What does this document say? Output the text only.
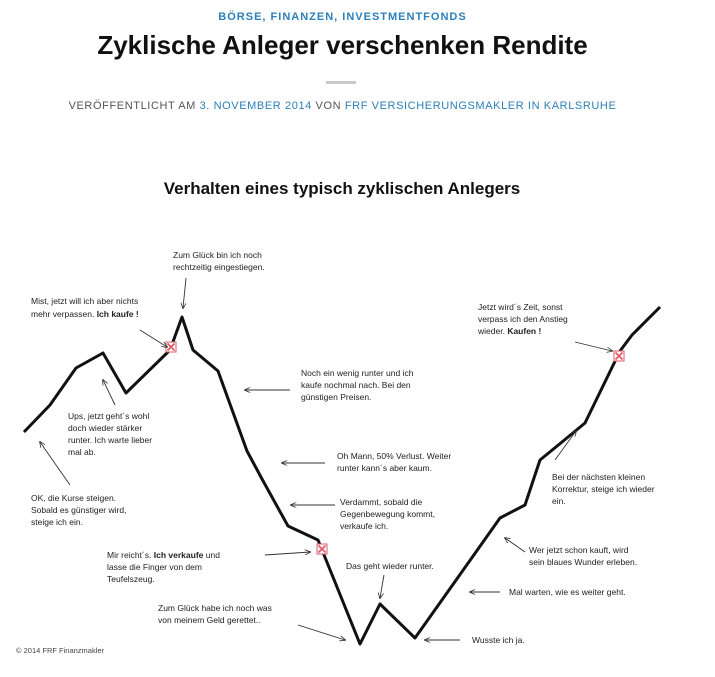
BÖRSE, FINANZEN, INVESTMENTFONDS
Zyklische Anleger verschenken Rendite
VERÖFFENTLICHT AM 3. NOVEMBER 2014 VON FRF VERSICHERUNGSMAKLER IN KARLSRUHE
Verhalten eines typisch zyklischen Anlegers
OK, die Kurse steigen.
Sobald es günstiger wird,
steige ich ein.
Ups, jetzt geht´s wohl
doch wieder stärker
runter. Ich warte lieber
mal ab.
Mist, jetzt will ich aber nichts
mehr verpassen. Ich kaufe !
Zum Glück bin ich noch
rechtzeitig eingestiegen.
Noch ein wenig runter und ich
kaufe nochmal nach. Bei den
günstigen Preisen.
Oh Mann, 50% Verlust. Weiter
runter kann´s aber kaum.
Verdammt, sobald die
Gegenbewegung kommt,
verkaufe ich.
Mir reicht´s. Ich verkaufe und
lasse die Finger von dem
Teufelszeug.
Das geht wieder runter.
Zum Glück habe ich noch was
von meinem Geld gerettet..
Wusste ich ja.
Mal warten, wie es weiter geht.
Wer jetzt schon kauft, wird
sein blaues Wunder erleben.
Bei der nächsten kleinen
Korrektur, steige ich wieder
ein.
Jetzt wird´s Zeit, sonst
verpass ich den Anstieg
wieder. Kaufen !
© 2014 FRF Finanzmakler
